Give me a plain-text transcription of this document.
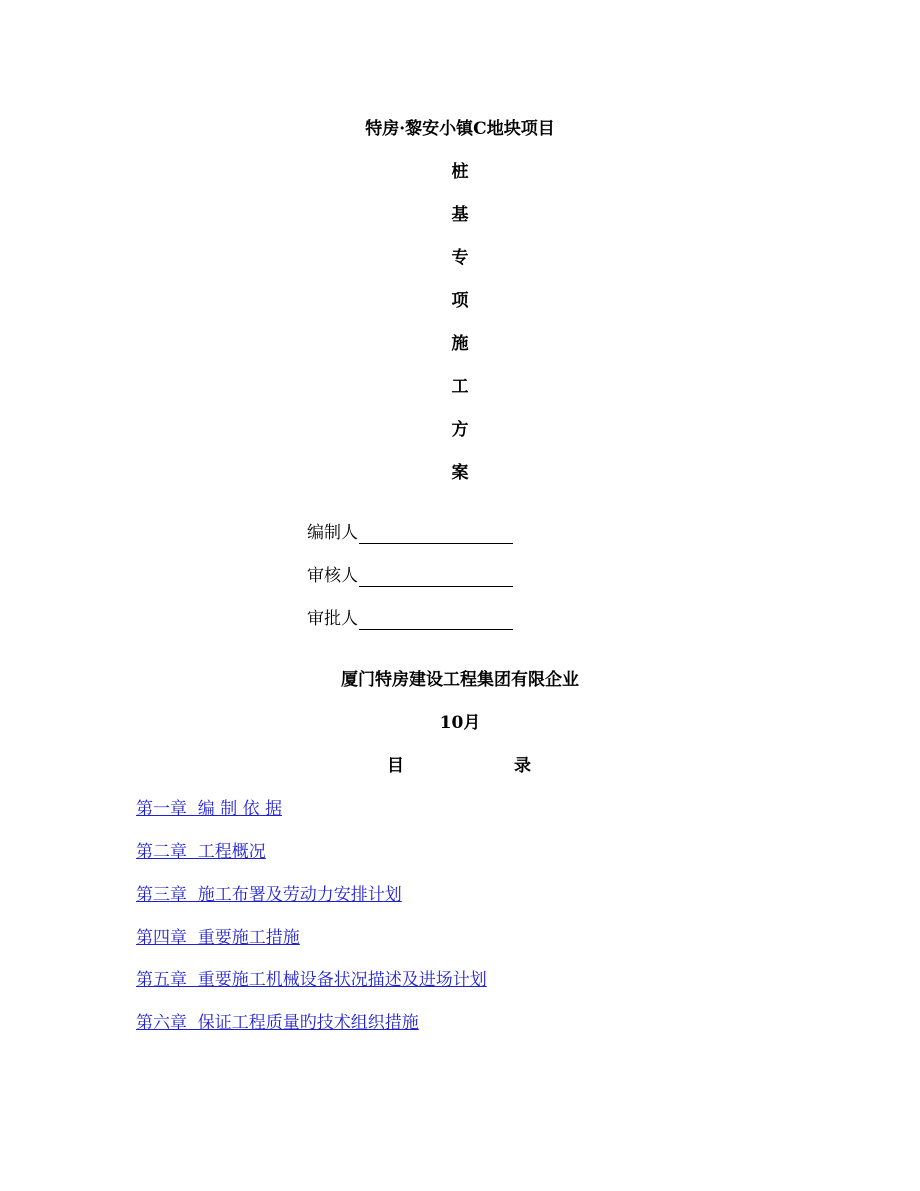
特房·黎安小镇C地块项目
桩
基
专
项
施
工
方
案
编制人
审核人
审批人
厦门特房建设工程集团有限企业
10月
目	录
第一章  编 制 依 据
第二章  工程概况
第三章  施工布署及劳动力安排计划
第四章  重要施工措施
第五章  重要施工机械设备状况描述及进场计划
第六章  保证工程质量旳技术组织措施
